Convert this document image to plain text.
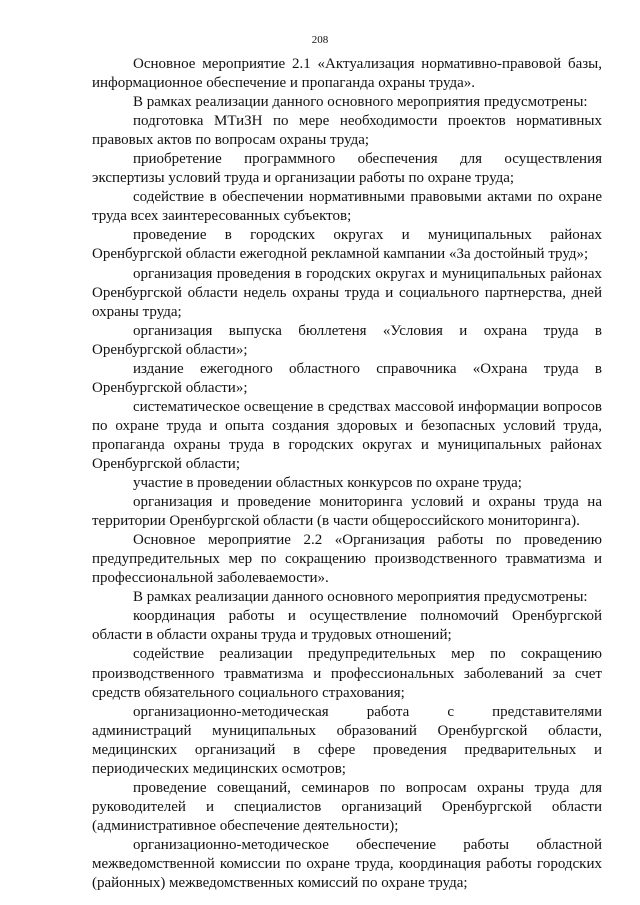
208

Основное мероприятие 2.1 «Актуализация нормативно-правовой базы, информационное обеспечение и пропаганда охраны труда».

В рамках реализации данного основного мероприятия предусмотрены:

подготовка МТиЗН по мере необходимости проектов нормативных правовых актов по вопросам охраны труда;

приобретение программного обеспечения для осуществления экспертизы условий труда и организации работы по охране труда;

содействие в обеспечении нормативными правовыми актами по охране труда всех заинтересованных субъектов;

проведение в городских округах и муниципальных районах Оренбургской области ежегодной рекламной кампании «За достойный труд»;

организация проведения в городских округах и муниципальных районах Оренбургской области недель охраны труда и социального партнерства, дней охраны труда;

организация выпуска бюллетеня «Условия и охрана труда в Оренбургской области»;

издание ежегодного областного справочника «Охрана труда в Оренбургской области»;

систематическое освещение в средствах массовой информации вопросов по охране труда и опыта создания здоровых и безопасных условий труда, пропаганда охраны труда в городских округах и муниципальных районах Оренбургской области;

участие в проведении областных конкурсов по охране труда;

организация и проведение мониторинга условий и охраны труда на территории Оренбургской области (в части общероссийского мониторинга).

Основное мероприятие 2.2 «Организация работы по проведению предупредительных мер по сокращению производственного травматизма и профессиональной заболеваемости».

В рамках реализации данного основного мероприятия предусмотрены:

координация работы и осуществление полномочий Оренбургской области в области охраны труда и трудовых отношений;

содействие реализации предупредительных мер по сокращению производственного травматизма и профессиональных заболеваний за счет средств обязательного социального страхования;

организационно-методическая работа с представителями администраций муниципальных образований Оренбургской области, медицинских организаций в сфере проведения предварительных и периодических медицинских осмотров;

проведение совещаний, семинаров по вопросам охраны труда для руководителей и специалистов организаций Оренбургской области (административное обеспечение деятельности);

организационно-методическое обеспечение работы областной межведомственной комиссии по охране труда, координация работы городских (районных) межведомственных комиссий по охране труда;
